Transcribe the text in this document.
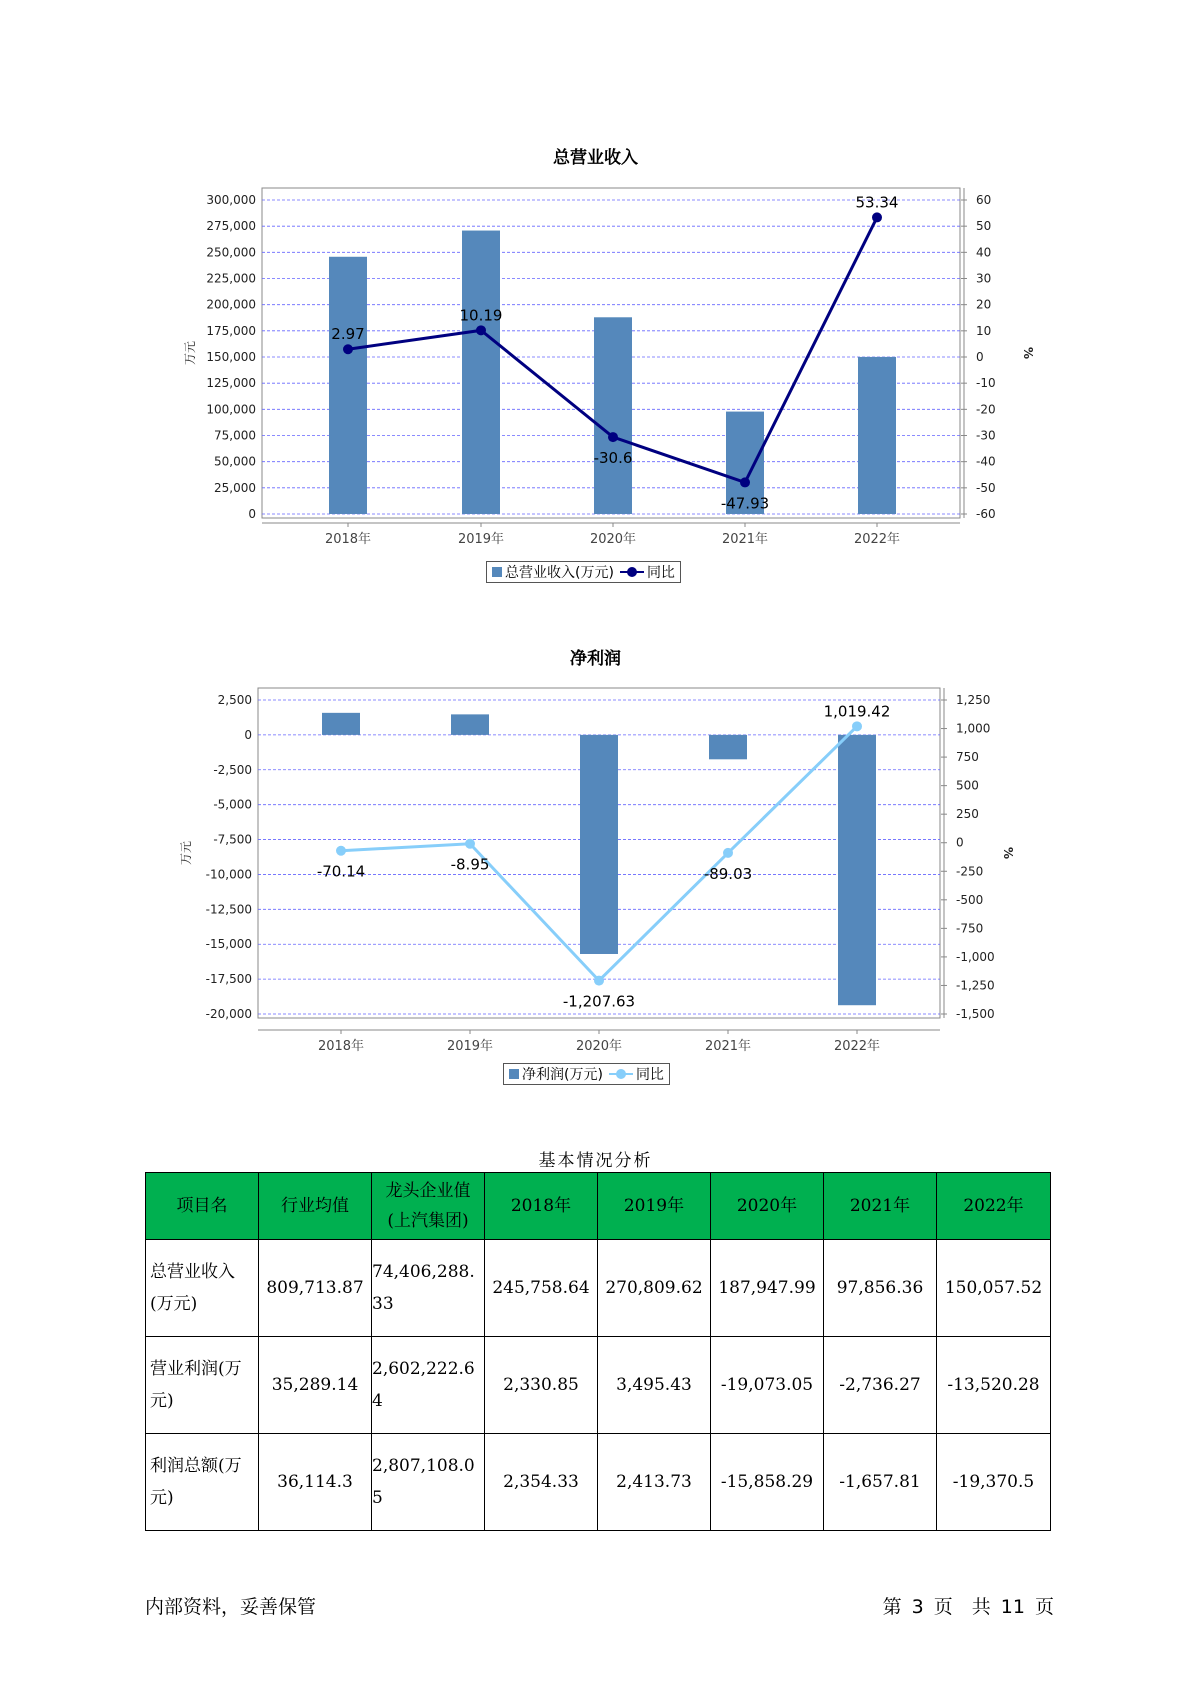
总营业收入
300,000
275,000
250,000
225,000
200,000
175,000
150,000
125,000
100,000
75,000
50,000
25,000
0
60
50
40
30
20
10
0
-10
-20
-30
-40
-50
-60
万元	%
2018年	2019年	2020年	2021年	2022年
2.97
10.19
-30.6
-47.93
53.34
总营业收入(万元)	同比
净利润
2,500
0
-2,500
-5,000
-7,500
-10,000
-12,500
-15,000
-17,500
-20,000
1,250
1,000
750
500
250
0
-250
-500
-750
-1,000
-1,250
-1,500
万元	%
2018年	2019年	2020年	2021年	2022年
-70.14	-8.95
-1,207.63
-89.03
1,019.42
净利润(万元)	同比
基本情况分析
项目名	行业均值	龙头企业值(上汽集团)	2018年	2019年	2020年	2021年	2022年
总营业收入(万元)	809,713.87	74,406,288.33	245,758.64	270,809.62	187,947.99	97,856.36	150,057.52
营业利润(万元)	35,289.14	2,602,222.64	2,330.85	3,495.43	-19,073.05	-2,736.27	-13,520.28
利润总额(万元)	36,114.3	2,807,108.05	2,354.33	2,413.73	-15,858.29	-1,657.81	-19,370.5
内部资料，妥善保管	第 3 页　共 11 页
